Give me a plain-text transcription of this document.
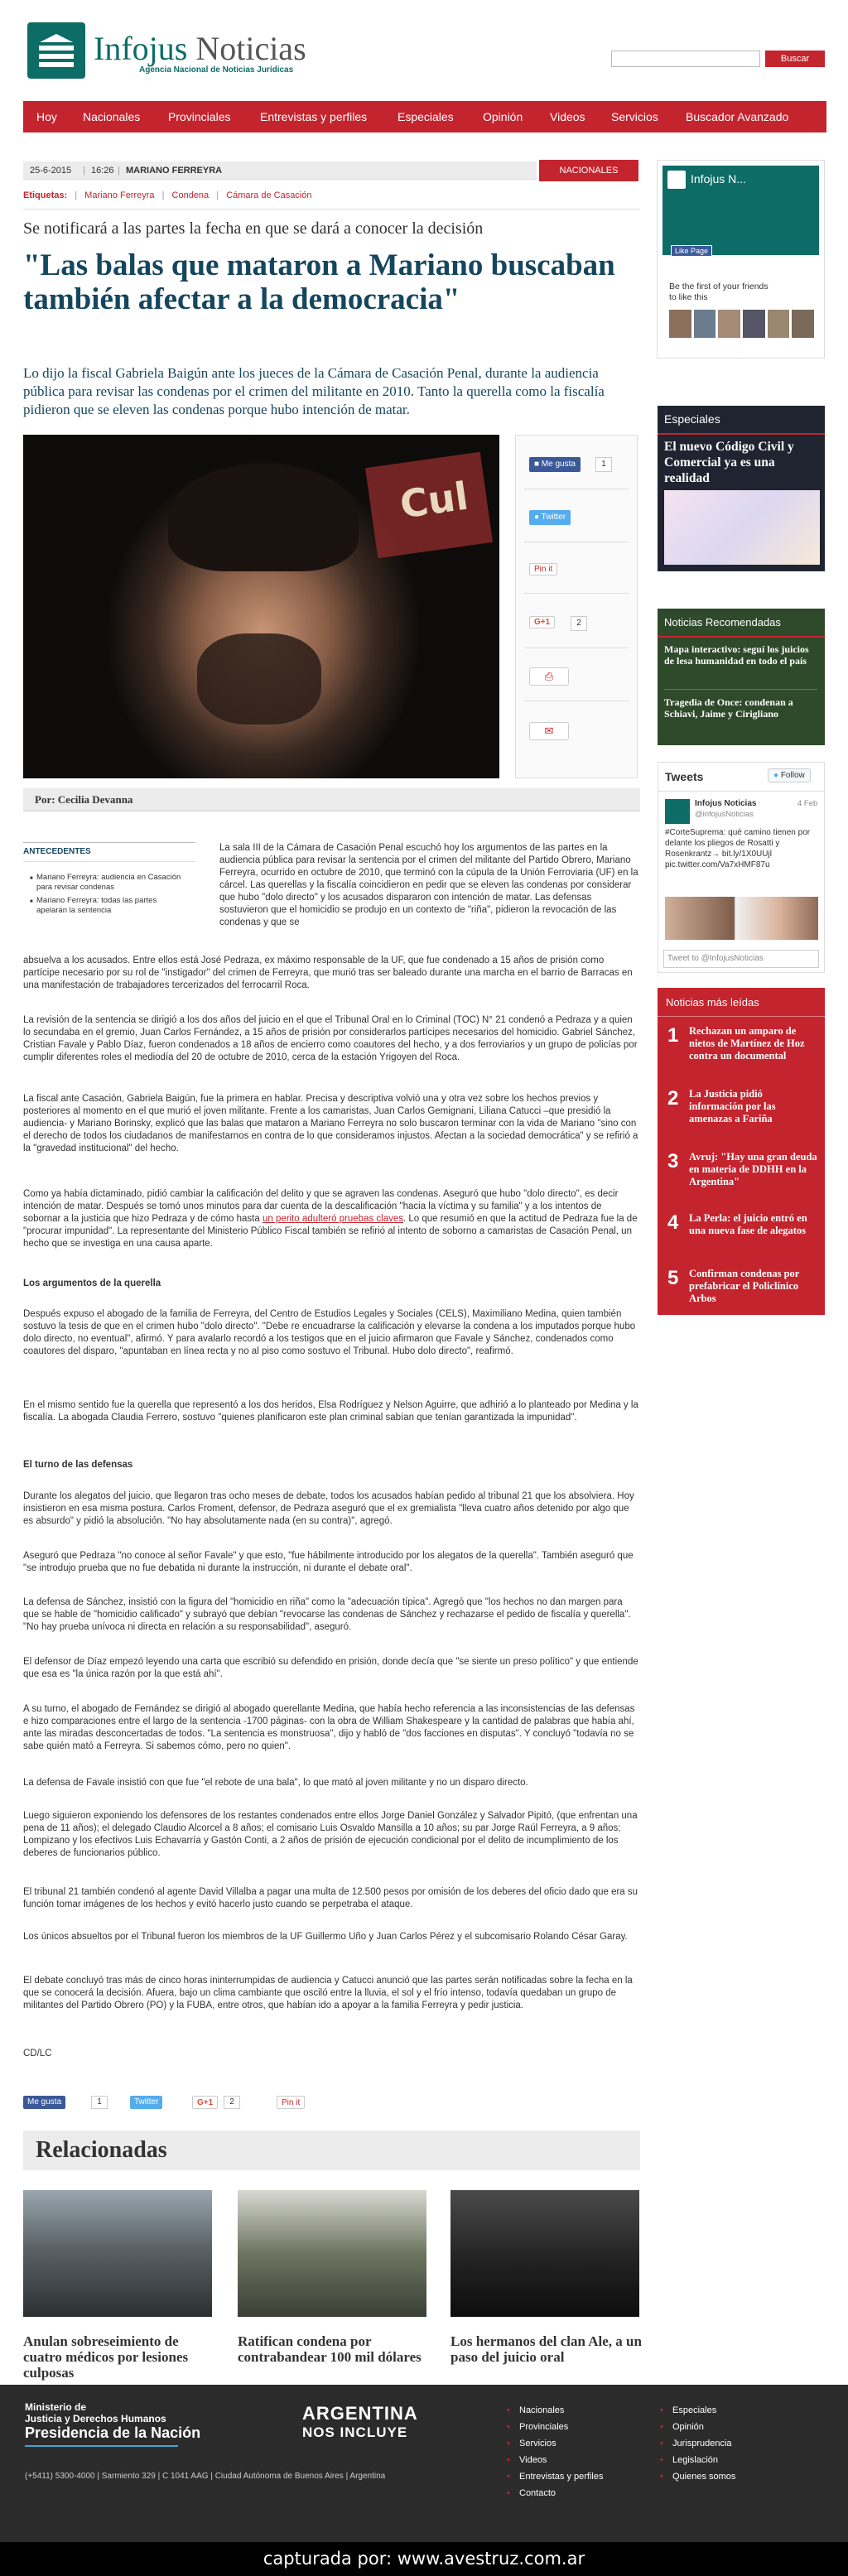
Infojus Noticias
Agencia Nacional de Noticias Jurídicas
Buscar
Hoy Nacionales Provinciales	Entrevistas y perfiles	Especiales	Opinión Videos Servicios Buscador Avanzado
25-6-2015 | 16:26 | MARIANO FERREYRA	NACIONALES
Etiquetas: | Mariano Ferreyra | Condena | Cámara de Casación
Se notificará a las partes la fecha en que se dará a conocer la decisión
"Las balas que mataron a Mariano buscaban también afectar a la democracia"
Lo dijo la fiscal Gabriela Baigún ante los jueces de la Cámara de Casación Penal, durante la audiencia pública para revisar las condenas por el crimen del militante en 2010. Tanto la querella como la fiscalía pidieron que se eleven las condenas porque hubo intención de matar.
Cul
■ Me gusta	1
● Twitter
Pin it
G+1	2
⎙
✉
Por: Cecilia Devanna
ANTECEDENTES
■ Mariano Ferreyra: audiencia en Casación para revisar condenas
■ Mariano Ferreyra: todas las partes apelarán la sentencia
La sala III de la Cámara de Casación Penal escuchó hoy los argumentos de las partes en la audiencia pública para revisar la sentencia por el crimen del militante del Partido Obrero, Mariano Ferreyra, ocurrido en octubre de 2010, que terminó con la cúpula de la Unión Ferroviaria (UF) en la cárcel. Las querellas y la fiscalía coincidieron en pedir que se eleven las condenas por considerar que hubo "dolo directo" y los acusados dispararon con intención de matar. Las defensas sostuvieron que el homicidio se produjo en un contexto de "riña", pidieron la revocación de las condenas y que se
absuelva a los acusados. Entre ellos está José Pedraza, ex máximo responsable de la UF, que fue condenado a 15 años de prisión como partícipe necesario por su rol de "instigador" del crimen de Ferreyra, que murió tras ser baleado durante una marcha en el barrio de Barracas en una manifestación de trabajadores tercerizados del ferrocarril Roca.
La revisión de la sentencia se dirigió a los dos años del juicio en el que el Tribunal Oral en lo Criminal (TOC) N° 21 condenó a Pedraza y a quien lo secundaba en el gremio, Juan Carlos Fernández, a 15 años de prisión por considerarlos partícipes necesarios del homicidio. Gabriel Sánchez, Cristian Favale y Pablo Díaz, fueron condenados a 18 años de encierro como coautores del hecho, y a dos ferroviarios y un grupo de policías por cumplir diferentes roles el mediodía del 20 de octubre de 2010, cerca de la estación Yrigoyen del Roca.
La fiscal ante Casación, Gabriela Baigún, fue la primera en hablar. Precisa y descriptiva volvió una y otra vez sobre los hechos previos y posteriores al momento en el que murió el joven militante. Frente a los camaristas, Juan Carlos Gemignani, Liliana Catucci –que presidió la audiencia- y Mariano Borinsky, explicó que las balas que mataron a Mariano Ferreyra no solo buscaron terminar con la vida de Mariano "sino con el derecho de todos los ciudadanos de manifestarnos en contra de lo que consideramos injustos. Afectan a la sociedad democrática" y se refirió a la "gravedad institucional" del hecho.
Como ya había dictaminado, pidió cambiar la calificación del delito y que se agraven las condenas. Aseguró que hubo "dolo directo", es decir intención de matar. Después se tomó unos minutos para dar cuenta de la descalificación "hacia la víctima y su familia" y a los intentos de sobornar a la justicia que hizo Pedraza y de cómo hasta un perito adulteró pruebas claves. Lo que resumió en que la actitud de Pedraza fue la de "procurar impunidad". La representante del Ministerio Público Fiscal también se refirió al intento de soborno a camaristas de Casación Penal, un hecho que se investiga en una causa aparte.
Los argumentos de la querella
Después expuso el abogado de la familia de Ferreyra, del Centro de Estudios Legales y Sociales (CELS), Maximiliano Medina, quien también sostuvo la tesis de que en el crimen hubo "dolo directo". "Debe re encuadrarse la calificación y elevarse la condena a los imputados porque hubo dolo directo, no eventual", afirmó. Y para avalarlo recordó a los testigos que en el juicio afirmaron que Favale y Sánchez, condenados como coautores del disparo, "apuntaban en línea recta y no al piso como sostuvo el Tribunal. Hubo dolo directo", reafirmó.
En el mismo sentido fue la querella que representó a los dos heridos, Elsa Rodríguez y Nelson Aguirre, que adhirió a lo planteado por Medina y la fiscalía. La abogada Claudia Ferrero, sostuvo "quienes planificaron este plan criminal sabían que tenían garantizada la impunidad".
El turno de las defensas
Durante los alegatos del juicio, que llegaron tras ocho meses de debate, todos los acusados habían pedido al tribunal 21 que los absolviera. Hoy insistieron en esa misma postura. Carlos Froment, defensor, de Pedraza aseguró que el ex gremialista "lleva cuatro años detenido por algo que es absurdo" y pidió la absolución. "No hay absolutamente nada (en su contra)", agregó.
Aseguró que Pedraza "no conoce al señor Favale" y que esto, "fue hábilmente introducido por los alegatos de la querella". También aseguró que "se introdujo prueba que no fue debatida ni durante la instrucción, ni durante el debate oral".
La defensa de Sánchez, insistió con la figura del "homicidio en riña" como la "adecuación típica". Agregó que "los hechos no dan margen para que se hable de "homicidio calificado" y subrayó que debían "revocarse las condenas de Sánchez y rechazarse el pedido de fiscalía y querella". "No hay prueba unívoca ni directa en relación a su responsabilidad", aseguró.
El defensor de Díaz empezó leyendo una carta que escribió su defendido en prisión, donde decía que "se siente un preso político" y que entiende que esa es "la única razón por la que está ahí".
A su turno, el abogado de Fernández se dirigió al abogado querellante Medina, que había hecho referencia a las inconsistencias de las defensas e hizo comparaciones entre el largo de la sentencia -1700 páginas- con la obra de William Shakespeare y la cantidad de palabras que había ahí, ante las miradas desconcertadas de todos. "La sentencia es monstruosa", dijo y habló de "dos facciones en disputas". Y concluyó "todavía no se sabe quién mató a Ferreyra. Si sabemos cómo, pero no quien".
La defensa de Favale insistió con que fue "el rebote de una bala", lo que mató al joven militante y no un disparo directo.
Luego siguieron exponiendo los defensores de los restantes condenados entre ellos Jorge Daniel González y Salvador Pipitó, (que enfrentan una pena de 11 años); el delegado Claudio Alcorcel a 8 años; el comisario Luis Osvaldo Mansilla a 10 años; su par Jorge Raúl Ferreyra, a 9 años; Lompizano y los efectivos Luis Echavarría y Gastón Conti, a 2 años de prisión de ejecución condicional por el delito de incumplimiento de los deberes de funcionarios público.
El tribunal 21 también condenó al agente David Villalba a pagar una multa de 12.500 pesos por omisión de los deberes del oficio dado que era su función tomar imágenes de los hechos y evitó hacerlo justo cuando se perpetraba el ataque.
Los únicos absueltos por el Tribunal fueron los miembros de la UF Guillermo Uño y Juan Carlos Pérez y el subcomisario Rolando César Garay.
El debate concluyó tras más de cinco horas ininterrumpidas de audiencia y Catucci anunció que las partes serán notificadas sobre la fecha en la que se conocerá la decisión. Afuera, bajo un clima cambiante que osciló entre la lluvia, el sol y el frío intenso, todavía quedaban un grupo de militantes del Partido Obrero (PO) y la FUBA, entre otros, que habían ido a apoyar a la familia Ferreyra y pedir justicia.
CD/LC
Me gusta	1	Twitter	G+1	2	Pin it
Relacionadas
Anulan sobreseimiento de cuatro médicos por lesiones culposas
Ratifican condena por contrabandear 100 mil dólares
Los hermanos del clan Ale, a un paso del juicio oral
Infojus N...
Like Page
Be the first of your friends to like this
Especiales
El nuevo Código Civil y Comercial ya es una realidad
Noticias Recomendadas
Mapa interactivo: seguí los juicios de lesa humanidad en todo el país
Tragedia de Once: condenan a Schiavi, Jaime y Cirigliano
Tweets	● Follow
Infojus Noticias
@infojusNoticias
4 Feb
#CorteSuprema: qué camino tienen por delante los pliegos de Rosatti y Rosenkrantz→ bit.ly/1X0UUjl pic.twitter.com/Va7xHMF87u
Tweet to @InfojusNoticias
Noticias más leídas
1 Rechazan un amparo de nietos de Martínez de Hoz contra un documental
2 La Justicia pidió información por las amenazas a Fariña
3 Avruj: "Hay una gran deuda en materia de DDHH en la Argentina"
4 La Perla: el juicio entró en una nueva fase de alegatos
5 Confirman condenas por prefabricar el Policlínico Arbos
Ministerio de
Justicia y Derechos Humanos
Presidencia de la Nación
ARGENTINA
NOS INCLUYE
(+5411) 5300-4000 | Sarmiento 329 | C 1041 AAG | Ciudad Autónoma de Buenos Aires | Argentina
Nacionales
Provinciales
Servicios
Videos
Entrevistas y perfiles
Contacto
•
•
•
•
•
•
Especiales
Opinión
Jurisprudencia
Legislación
Quienes somos
•
•
•
•
•
capturada por: www.avestruz.com.ar
